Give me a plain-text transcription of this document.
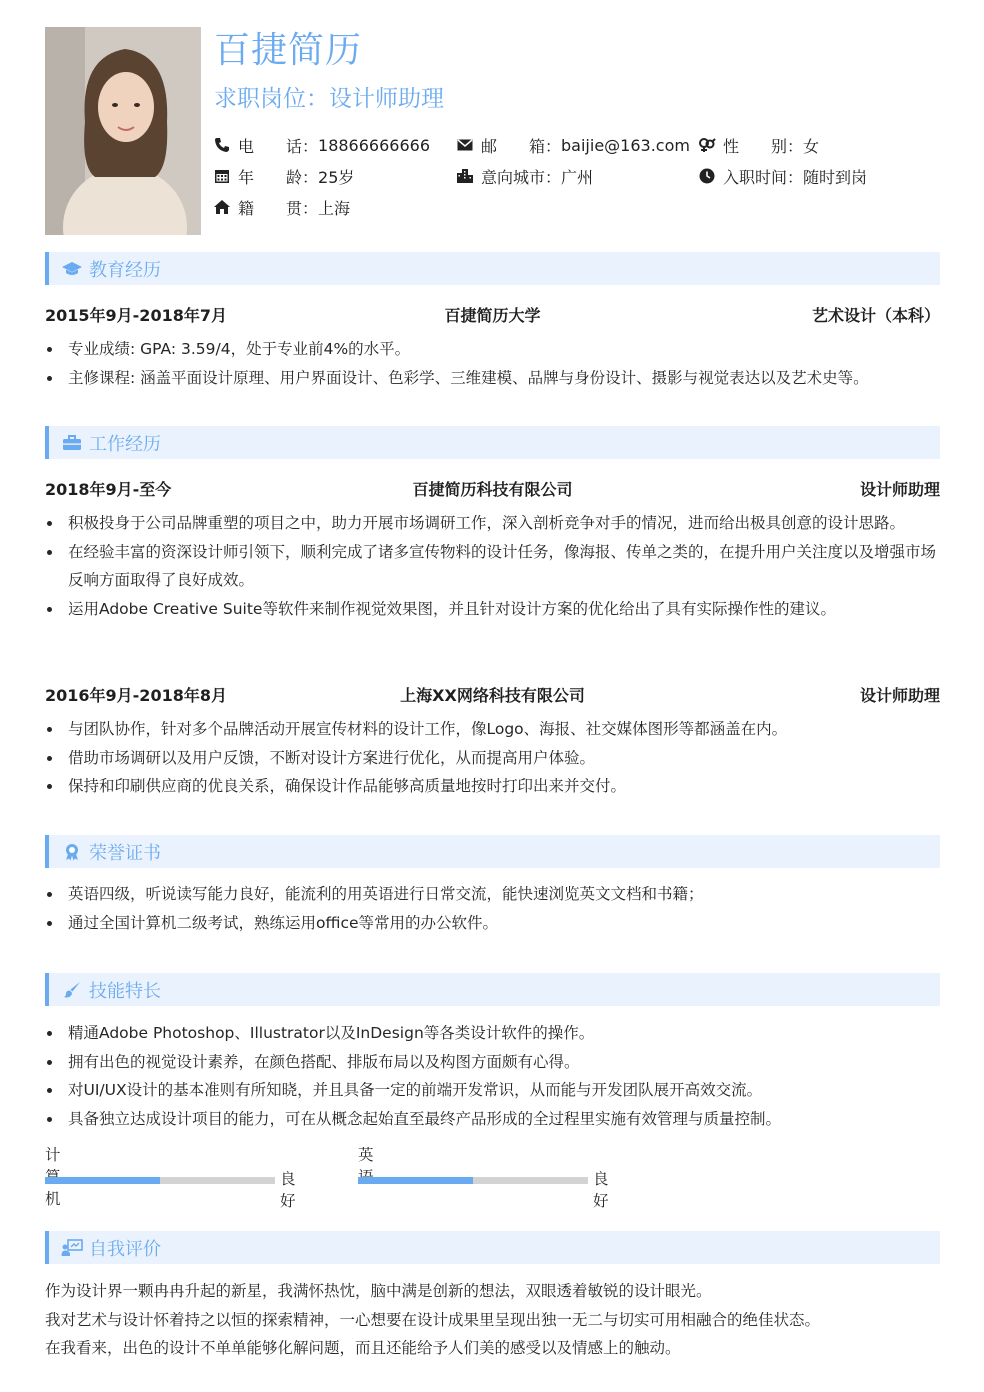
百捷简历
求职岗位：设计师助理
电　　话： 18866666666	邮　　箱： baijie@163.com 性　　别： 女
年　　龄： 25岁	意向城市： 广州	入职时间： 随时到岗
籍　　贯： 上海
教育经历
2015年9月-2018年7月	百捷简历大学	艺术设计（本科）
专业成绩: GPA: 3.59/4，处于专业前4%的水平。
主修课程: 涵盖平面设计原理、用户界面设计、色彩学、三维建模、品牌与身份设计、摄影与视觉表达以及艺术史等。
工作经历
2018年9月-至今	百捷简历科技有限公司	设计师助理
积极投身于公司品牌重塑的项目之中，助力开展市场调研工作，深入剖析竞争对手的情况，进而给出极具创意的设计思路。
在经验丰富的资深设计师引领下，顺利完成了诸多宣传物料的设计任务，像海报、传单之类的，在提升用户关注度以及增强市场反响方面取得了良好成效。
运用Adobe Creative Suite等软件来制作视觉效果图，并且针对设计方案的优化给出了具有实际操作性的建议。
2016年9月-2018年8月	上海XX网络科技有限公司	设计师助理
与团队协作，针对多个品牌活动开展宣传材料的设计工作，像Logo、海报、社交媒体图形等都涵盖在内。
借助市场调研以及用户反馈，不断对设计方案进行优化，从而提高用户体验。
保持和印刷供应商的优良关系，确保设计作品能够高质量地按时打印出来并交付。
荣誉证书
英语四级，听说读写能力良好，能流利的用英语进行日常交流，能快速浏览英文文档和书籍；
通过全国计算机二级考试，熟练运用office等常用的办公软件。
技能特长
精通Adobe Photoshop、Illustrator以及InDesign等各类设计软件的操作。
拥有出色的视觉设计素养，在颜色搭配、排版布局以及构图方面颇有心得。
对UI/UX设计的基本准则有所知晓，并且具备一定的前端开发常识，从而能与开发团队展开高效交流。
具备独立达成设计项目的能力，可在从概念起始直至最终产品形成的全过程里实施有效管理与质量控制。
计 机
良好
英
良好
自我评价
作为设计界一颗冉冉升起的新星，我满怀热忱，脑中满是创新的想法，双眼透着敏锐的设计眼光。
我对艺术与设计怀着持之以恒的探索精神，一心想要在设计成果里呈现出独一无二与切实可用相融合的绝佳状态。
在我看来，出色的设计不单单能够化解问题，而且还能给予人们美的感受以及情感上的触动。
